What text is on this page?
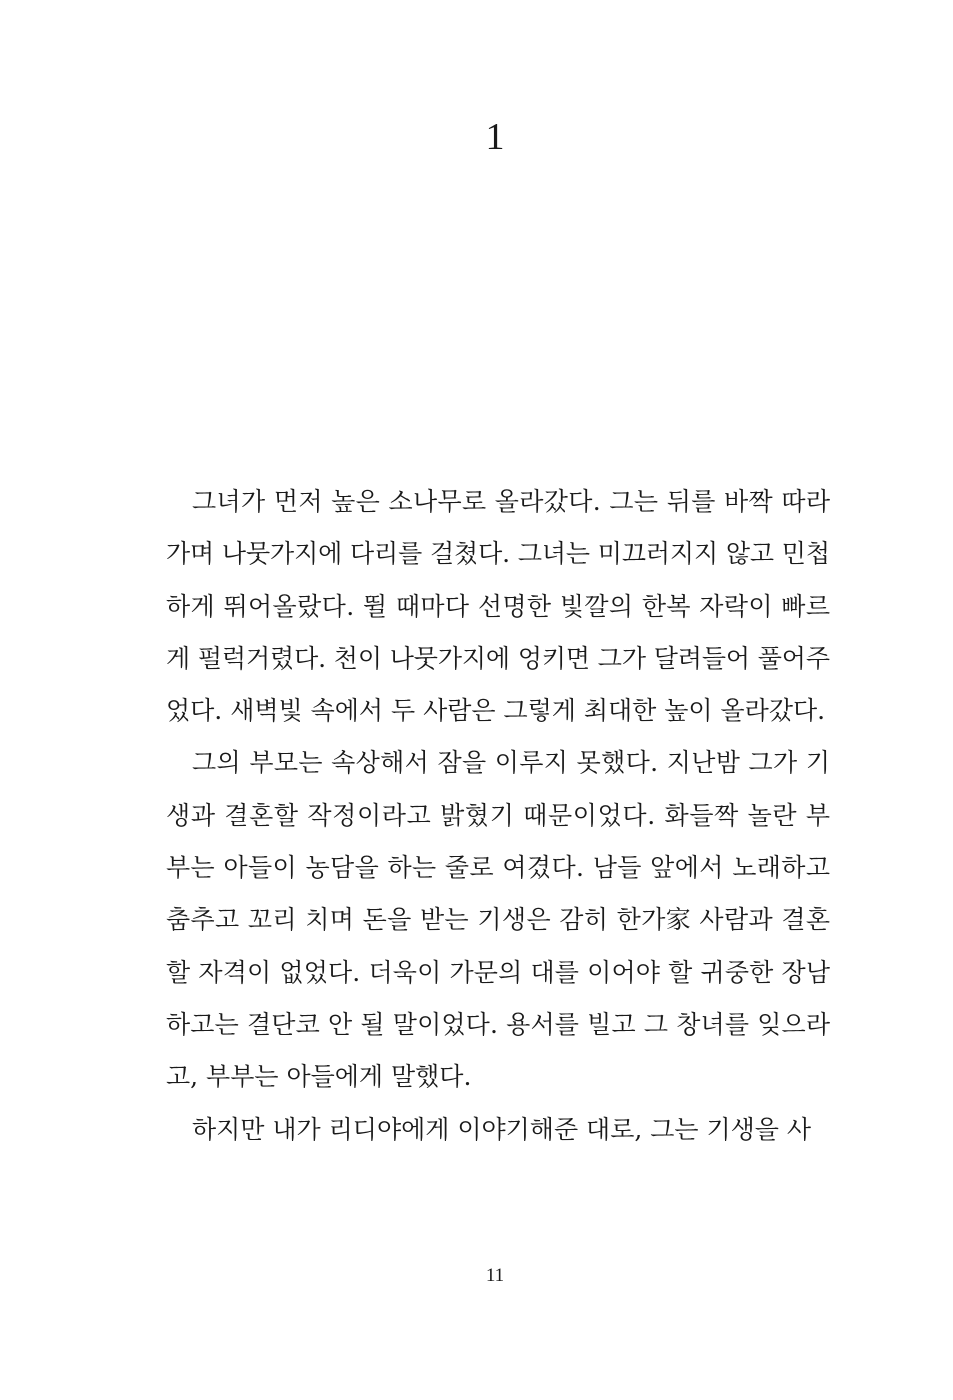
1
그녀가 먼저 높은 소나무로 올라갔다. 그는 뒤를 바짝 따라
가며 나뭇가지에 다리를 걸쳤다. 그녀는 미끄러지지 않고 민첩
하게 뛰어올랐다. 뛸 때마다 선명한 빛깔의 한복 자락이 빠르
게 펄럭거렸다. 천이 나뭇가지에 엉키면 그가 달려들어 풀어주
었다. 새벽빛 속에서 두 사람은 그렇게 최대한 높이 올라갔다.
그의 부모는 속상해서 잠을 이루지 못했다. 지난밤 그가 기
생과 결혼할 작정이라고 밝혔기 때문이었다. 화들짝 놀란 부
부는 아들이 농담을 하는 줄로 여겼다. 남들 앞에서 노래하고
춤추고 꼬리 치며 돈을 받는 기생은 감히 한가家 사람과 결혼
할 자격이 없었다. 더욱이 가문의 대를 이어야 할 귀중한 장남
하고는 결단코 안 될 말이었다. 용서를 빌고 그 창녀를 잊으라
고, 부부는 아들에게 말했다.
하지만 내가 리디야에게 이야기해준 대로, 그는 기생을 사
11
